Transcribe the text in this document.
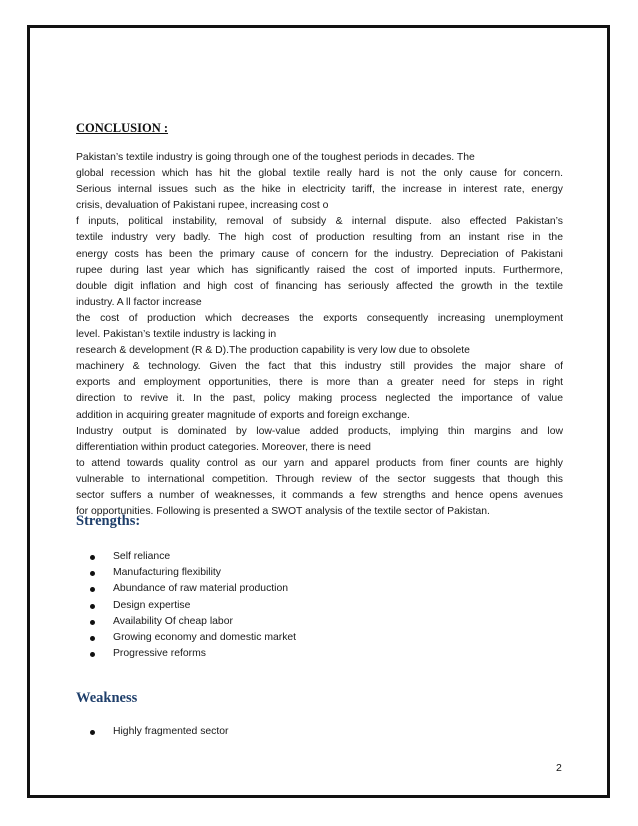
CONCLUSION :
Pakistan’s textile industry is going through one of the toughest periods in decades. The
global recession which has hit the global textile really hard is not the only cause for concern.
Serious internal issues such as the hike in electricity tariff, the increase in interest rate, energy
crisis, devaluation of Pakistani rupee, increasing cost o
f inputs, political instability, removal of subsidy & internal dispute. also effected Pakistan’s
textile industry very badly. The high cost of production resulting from an instant rise in the
energy costs has been the primary cause of concern for the industry. Depreciation of Pakistani
rupee during last year which has significantly raised the cost of imported inputs. Furthermore,
double digit inflation and high cost of financing has seriously affected the growth in the textile
industry. A ll factor increase
the cost of production which decreases the exports consequently increasing unemployment
level. Pakistan’s textile industry is lacking in
research & development (R & D).The production capability is very low due to obsolete
machinery & technology. Given the fact that this industry still provides the major share of
exports and employment opportunities, there is more than a greater need for steps in right
direction to revive it. In the past, policy making process neglected the importance of value
addition in acquiring greater magnitude of exports and foreign exchange.
Industry output is dominated by low-value added products, implying thin margins and low
differentiation within product categories. Moreover, there is need
to attend towards quality control as our yarn and apparel products from finer counts are highly
vulnerable to international competition. Through review of the sector suggests that though this
sector suffers a number of weaknesses, it commands a few strengths and hence opens avenues
for opportunities. Following is presented a SWOT analysis of the textile sector of Pakistan.
Strengths:
Self reliance
Manufacturing flexibility
Abundance of raw material production
Design expertise
Availability Of cheap labor
Growing economy and domestic market
Progressive reforms
Weakness
Highly fragmented sector
2
